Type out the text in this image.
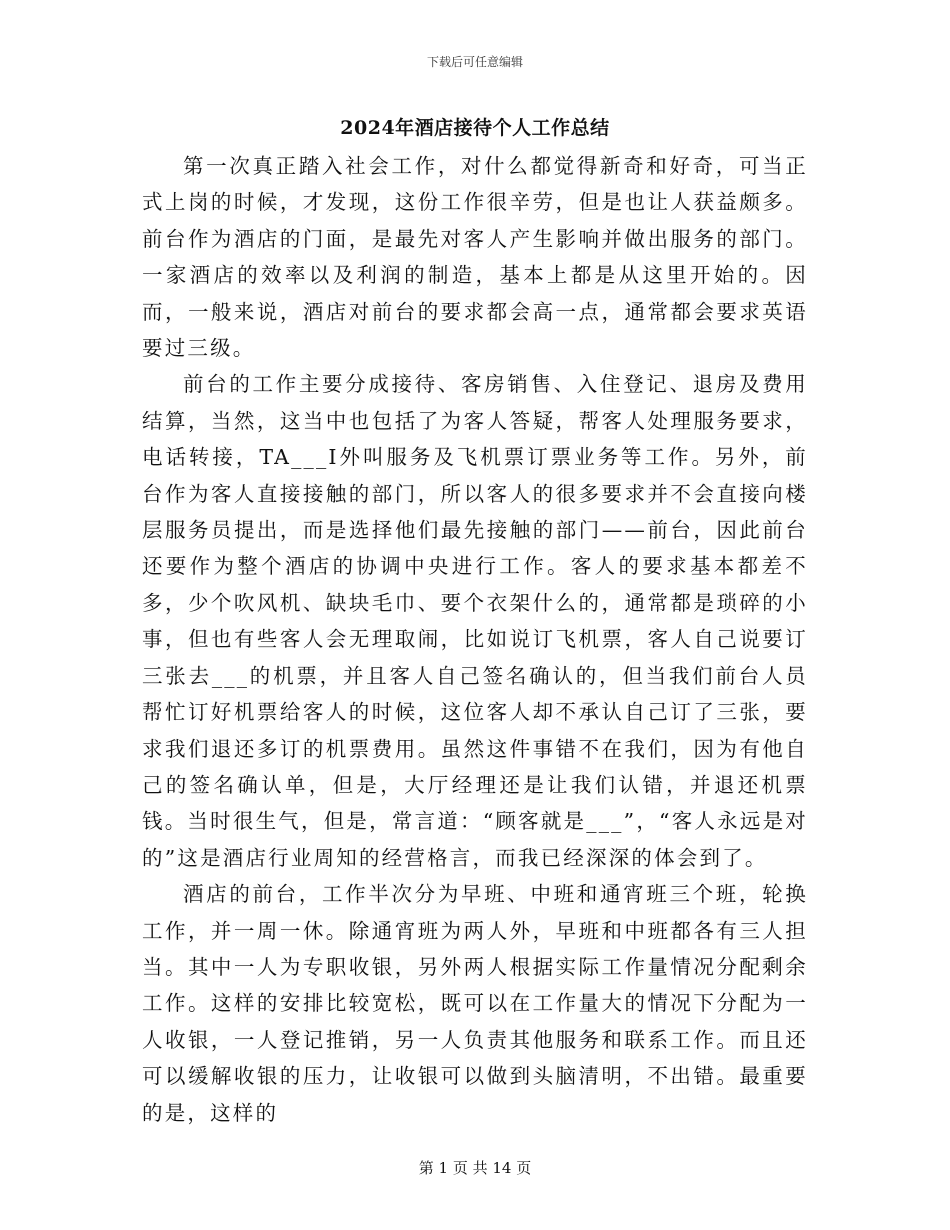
下载后可任意编辑
2024年酒店接待个人工作总结

第一次真正踏入社会工作，对什么都觉得新奇和好奇，可当正式上岗的时候，才发现，这份工作很辛劳，但是也让人获益颇多。前台作为酒店的门面，是最先对客人产生影响并做出服务的部门。一家酒店的效率以及利润的制造，基本上都是从这里开始的。因而，一般来说，酒店对前台的要求都会高一点，通常都会要求英语要过三级。

前台的工作主要分成接待、客房销售、入住登记、退房及费用结算，当然，这当中也包括了为客人答疑，帮客人处理服务要求，电话转接，TA___I外叫服务及飞机票订票业务等工作。另外，前台作为客人直接接触的部门，所以客人的很多要求并不会直接向楼层服务员提出，而是选择他们最先接触的部门——前台，因此前台还要作为整个酒店的协调中央进行工作。客人的要求基本都差不多，少个吹风机、缺块毛巾、要个衣架什么的，通常都是琐碎的小事，但也有些客人会无理取闹，比如说订飞机票，客人自己说要订三张去___的机票，并且客人自己签名确认的，但当我们前台人员帮忙订好机票给客人的时候，这位客人却不承认自己订了三张，要求我们退还多订的机票费用。虽然这件事错不在我们，因为有他自己的签名确认单，但是，大厅经理还是让我们认错，并退还机票钱。当时很生气，但是，常言道：“顾客就是___”，“客人永远是对的”这是酒店行业周知的经营格言，而我已经深深的体会到了。

酒店的前台，工作半次分为早班、中班和通宵班三个班，轮换工作，并一周一休。除通宵班为两人外，早班和中班都各有三人担当。其中一人为专职收银，另外两人根据实际工作量情况分配剩余工作。这样的安排比较宽松，既可以在工作量大的情况下分配为一人收银，一人登记推销，另一人负责其他服务和联系工作。而且还可以缓解收银的压力，让收银可以做到头脑清明，不出错。最重要的是，这样的

第 1 页 共 14 页
